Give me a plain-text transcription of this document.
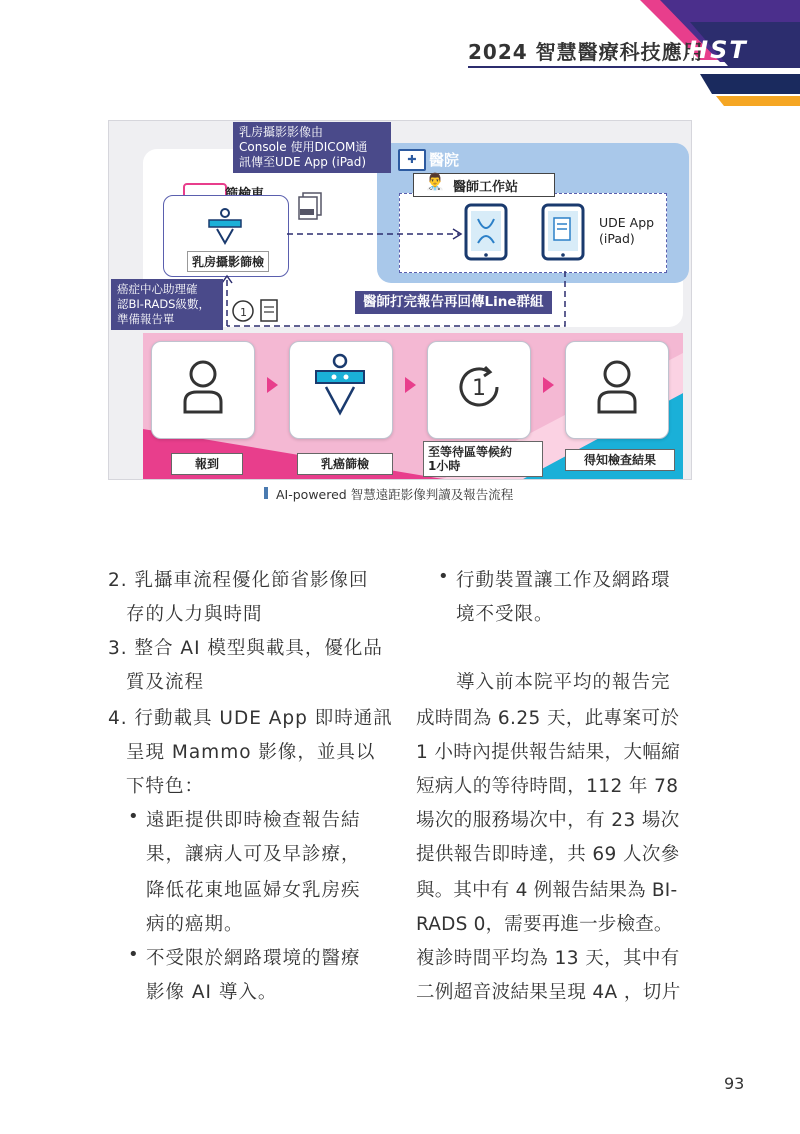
2024 智慧醫療科技應用
HST
✚ 醫院
👨‍⚕ 醫師工作站
UDE App
(iPad)
乳房攝影影像由
Console 使用DICOM通
訊傳至UDE App (iPad)
乳房攝影篩檢
癌症中心助理確
認BI-RADS級數，
準備報告單	1
醫師打完報告再回傳Line群組
1
報到	乳癌篩檢
至等待區等候約
1小時	得知檢查結果
AI-powered 智慧遠距影像判讀及報告流程
2. 乳攝車流程優化節省影像回
存的人力與時間
3. 整合 AI 模型與載具，優化品
質及流程
4. 行動載具 UDE App 即時通訊
呈現 Mammo 影像，並具以
下特色：
• 遠距提供即時檢查報告結
果，讓病人可及早診療，
降低花東地區婦女乳房疾
病的癌期。
• 不受限於網路環境的醫療
影像 AI 導入。
• 行動裝置讓工作及網路環
境不受限。
導入前本院平均的報告完
成時間為 6.25 天，此專案可於
1 小時內提供報告結果，大幅縮
短病人的等待時間，112 年 78
場次的服務場次中，有 23 場次
提供報告即時達，共 69 人次參
與。其中有 4 例報告結果為 BI-
RADS 0，需要再進一步檢查。
複診時間平均為 13 天，其中有
二例超音波結果呈現 4A ，切片
93
